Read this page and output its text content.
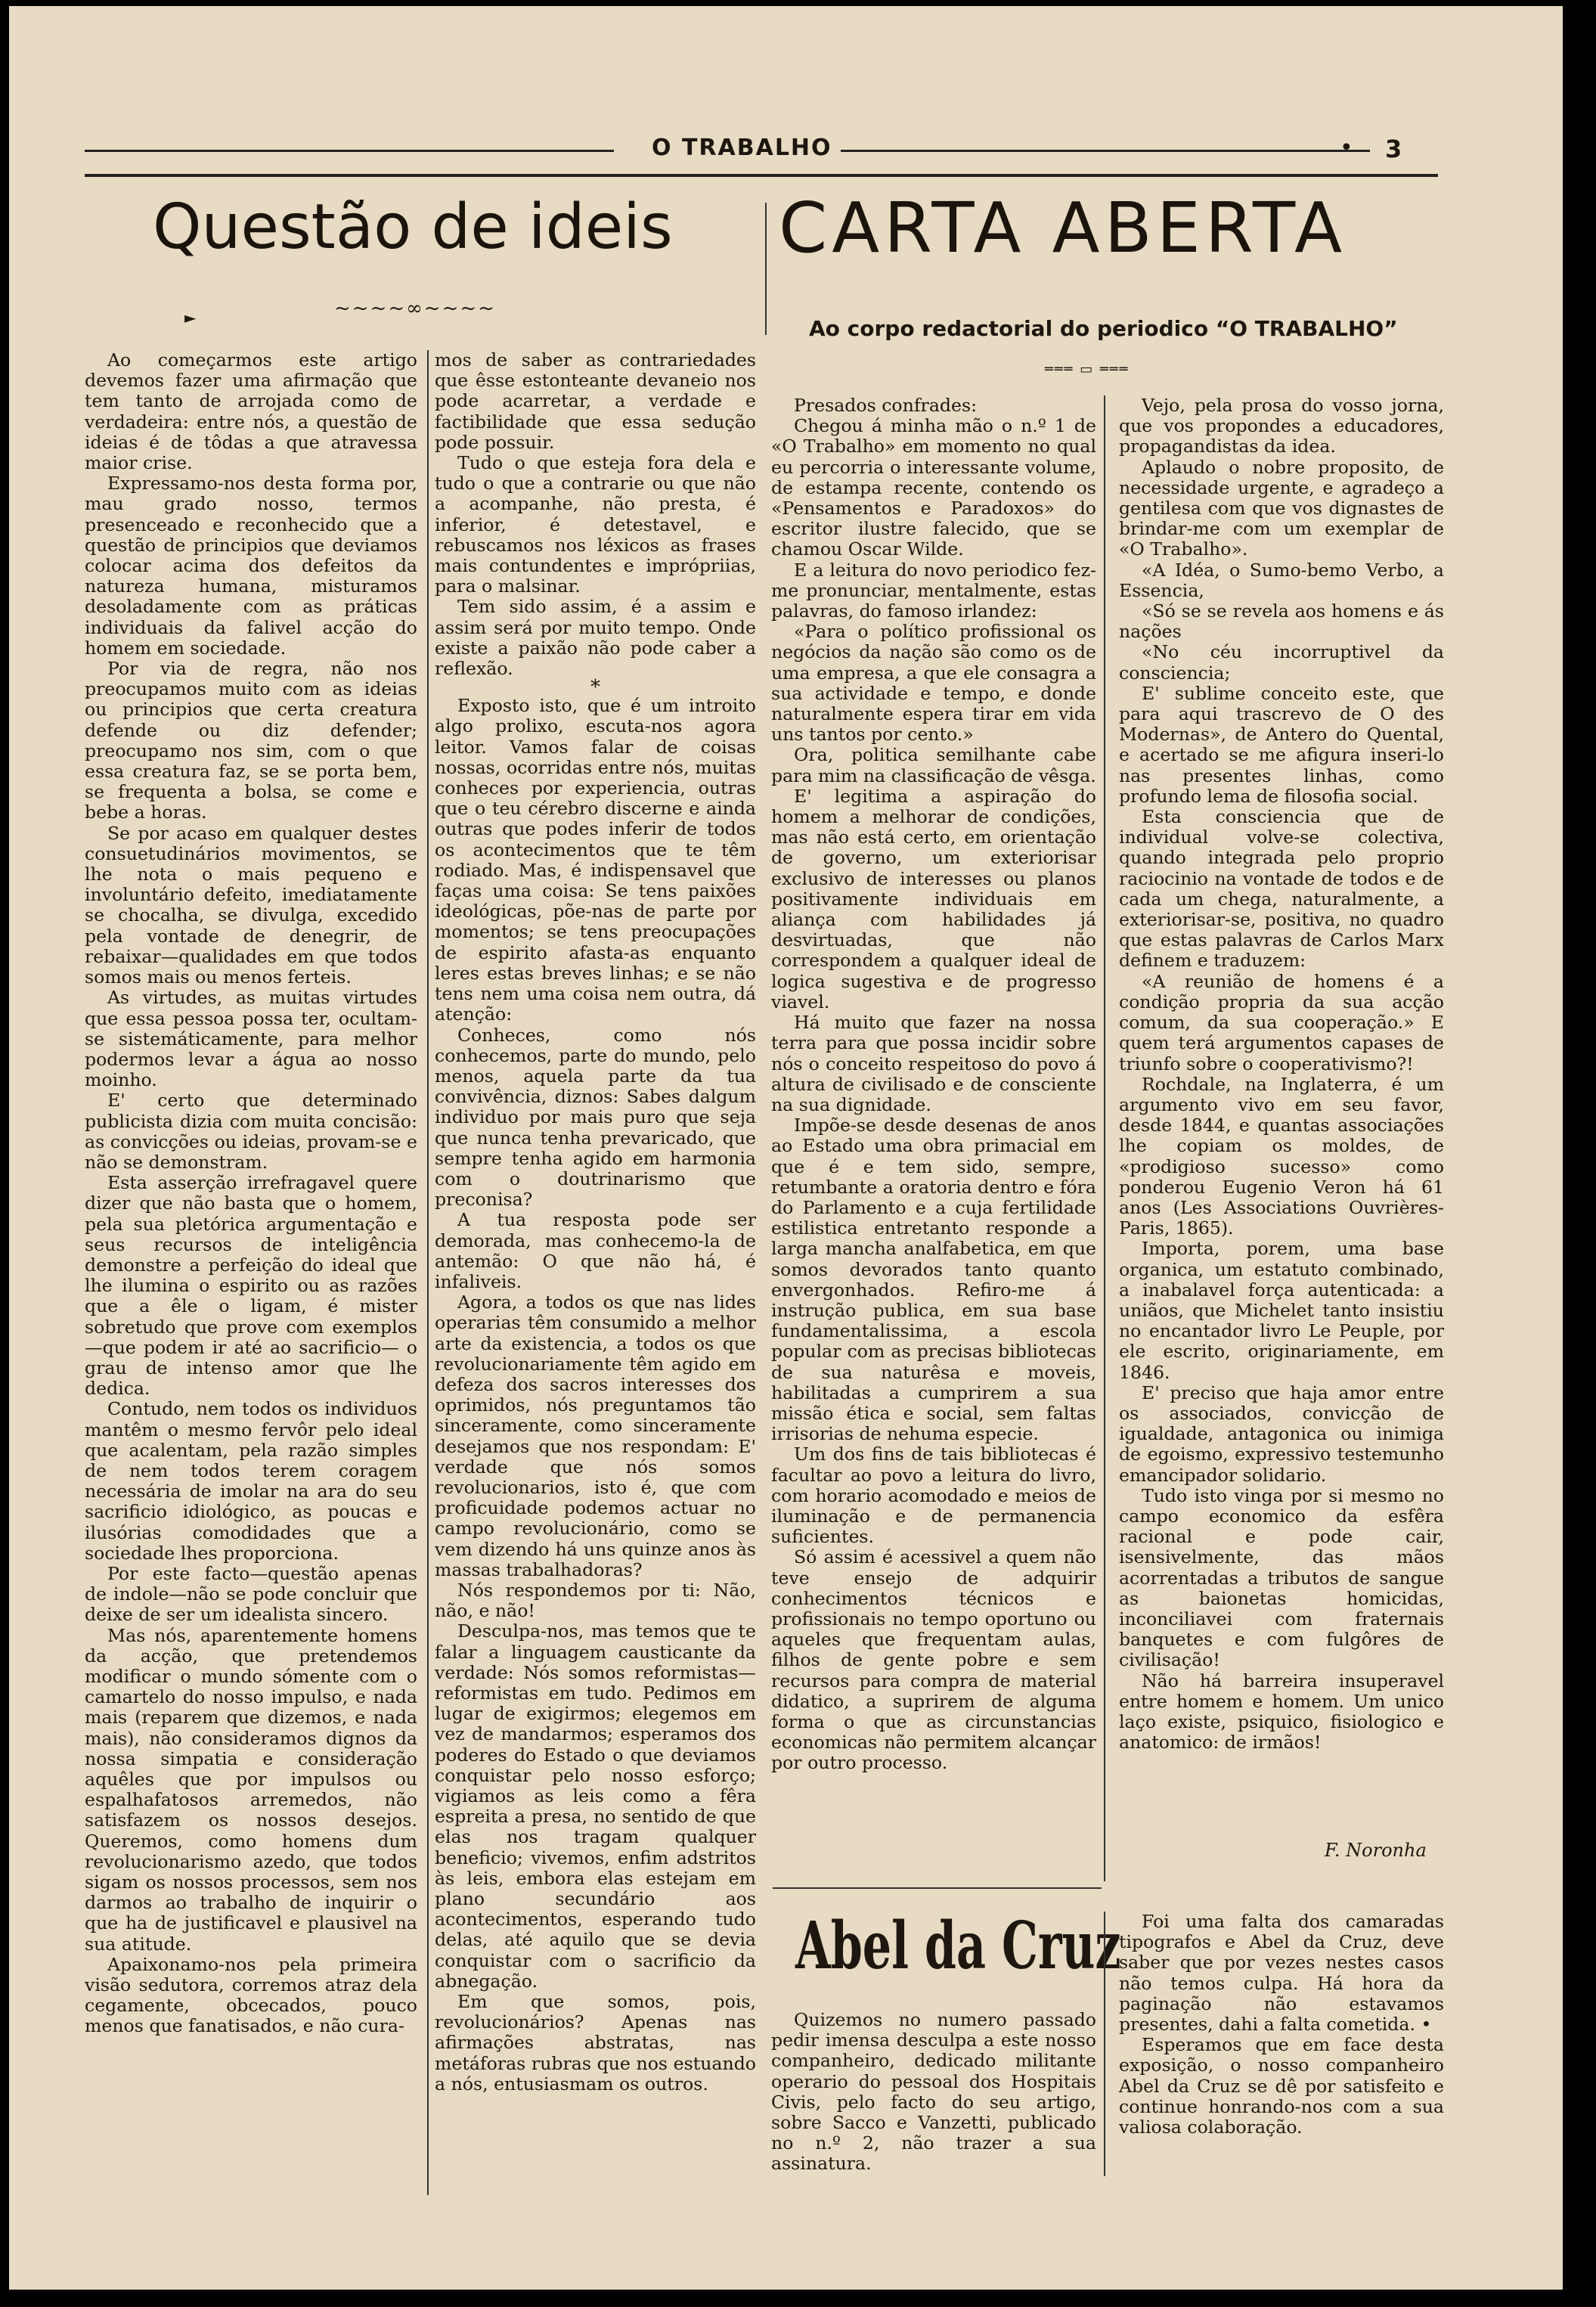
O TRABALHO	• 3
Questão de ideis
~~~~∞~~~~
►

Ao começarmos este artigo devemos fazer uma afirmação que tem tanto de arrojada como de verdadeira: entre nós, a questão de ideias é de tôdas a que atravessa maior crise.

Expressamo-nos desta forma por, mau grado nosso, termos presenceado e reconhecido que a questão de principios que deviamos colocar acima dos defeitos da natureza humana, misturamos desoladamente com as práticas individuais da falivel acção do homem em sociedade.

Por via de regra, não nos preocupamos muito com as ideias ou principios que certa creatura defende ou diz defender; preocupamo nos sim, com o que essa creatura faz, se se porta bem, se frequenta a bolsa, se come e bebe a horas.

Se por acaso em qualquer destes consuetudinários movimentos, se lhe nota o mais pequeno e involuntário defeito, imediatamente se chocalha, se divulga, excedido pela vontade de denegrir, de rebaixar—qualidades em que todos somos mais ou menos ferteis.

As virtudes, as muitas virtudes que essa pessoa possa ter, ocultam-se sistemáticamente, para melhor podermos levar a água ao nosso moinho.

E' certo que determinado publicista dizia com muita concisão: as convicções ou ideias, provam-se e não se demonstram.

Esta asserção irrefragavel quere dizer que não basta que o homem, pela sua pletórica argumentação e seus recursos de inteligência demonstre a perfeição do ideal que lhe ilumina o espirito ou as razões que a êle o ligam, é mister sobretudo que prove com exemplos —que podem ir até ao sacrificio— o grau de intenso amor que lhe dedica.

Contudo, nem todos os individuos mantêm o mesmo fervôr pelo ideal que acalentam, pela razão simples de nem todos terem coragem necessária de imolar na ara do seu sacrificio idiológico, as poucas e ilusórias comodidades que a sociedade lhes proporciona.

Por este facto—questão apenas de indole—não se pode concluir que deixe de ser um idealista sincero.

Mas nós, aparentemente homens da acção, que pretendemos modificar o mundo sómente com o camartelo do nosso impulso, e nada mais (reparem que dizemos, e nada mais), não consideramos dignos da nossa simpatia e consideração aquêles que por impulsos ou espalhafatosos arremedos, não satisfazem os nossos desejos. Queremos, como homens dum revolucionarismo azedo, que todos sigam os nossos processos, sem nos darmos ao trabalho de inquirir o que ha de justificavel e plausivel na sua atitude.

Apaixonamo-nos pela primeira visão sedutora, corremos atraz dela cegamente, obcecados, pouco menos que fanatisados, e não cura-

mos de saber as contrariedades que êsse estonteante devaneio nos pode acarretar, a verdade e factibilidade que essa sedução pode possuir.

Tudo o que esteja fora dela e tudo o que a contrarie ou que não a acompanhe, não presta, é inferior, é detestavel, e rebuscamos nos léxicos as frases mais contundentes e imprópriias, para o malsinar.

Tem sido assim, é a assim e assim será por muito tempo. Onde existe a paixão não pode caber a reflexão.

*

Exposto isto, que é um introito algo prolixo, escuta-nos agora leitor. Vamos falar de coisas nossas, ocorridas entre nós, muitas conheces por experiencia, outras que o teu cérebro discerne e ainda outras que podes inferir de todos os acontecimentos que te têm rodiado. Mas, é indispensavel que faças uma coisa: Se tens paixões ideológicas, põe-nas de parte por momentos; se tens preocupações de espirito afasta-as enquanto leres estas breves linhas; e se não tens nem uma coisa nem outra, dá atenção:

Conheces, como nós conhecemos, parte do mundo, pelo menos, aquela parte da tua convivência, diznos: Sabes dalgum individuo por mais puro que seja que nunca tenha prevaricado, que sempre tenha agido em harmonia com o doutrinarismo que preconisa?

A tua resposta pode ser demorada, mas conhecemo-la de antemão: O que não há, é infaliveis.

Agora, a todos os que nas lides operarias têm consumido a melhor arte da existencia, a todos os que revolucionariamente têm agido em defeza dos sacros interesses dos oprimidos, nós preguntamos tão sinceramente, como sinceramente desejamos que nos respondam: E' verdade que nós somos revolucionarios, isto é, que com proficuidade podemos actuar no campo revolucionário, como se vem dizendo há uns quinze anos às massas trabalhadoras?

Nós respondemos por ti: Não, não, e não!

Desculpa-nos, mas temos que te falar a linguagem causticante da verdade: Nós somos reformistas—reformistas em tudo. Pedimos em lugar de exigirmos; elegemos em vez de mandarmos; esperamos dos poderes do Estado o que deviamos conquistar pelo nosso esforço; vigiamos as leis como a fêra espreita a presa, no sentido de que elas nos tragam qualquer beneficio; vivemos, enfim adstritos às leis, embora elas estejam em plano secundário aos acontecimentos, esperando tudo delas, até aquilo que se devia conquistar com o sacrificio da abnegação.

Em que somos, pois, revolucionários? Apenas nas afirmações abstratas, nas metáforas rubras que nos estuando a nós, entusiasmam os outros.

CARTA ABERTA
Ao corpo redactorial do periodico “O TRABALHO”
═══ ▭ ═══

Presados confrades:

Chegou á minha mão o n.º 1 de «O Trabalho» em momento no qual eu percorria o interessante volume, de estampa recente, contendo os «Pensamentos e Paradoxos» do escritor ilustre falecido, que se chamou Oscar Wilde.

E a leitura do novo periodico fez-me pronunciar, mentalmente, estas palavras, do famoso irlandez:

«Para o político profissional os negócios da nação são como os de uma empresa, a que ele consagra a sua actividade e tempo, e donde naturalmente espera tirar em vida uns tantos por cento.»

Ora, politica semilhante cabe para mim na classificação de vêsga.

E' legitima a aspiração do homem a melhorar de condições, mas não está certo, em orientação de governo, um exteriorisar exclusivo de interesses ou planos positivamente individuais em aliança com habilidades já desvirtuadas, que não correspondem a qualquer ideal de logica sugestiva e de progresso viavel.

Há muito que fazer na nossa terra para que possa incidir sobre nós o conceito respeitoso do povo á altura de civilisado e de consciente na sua dignidade.

Impõe-se desde desenas de anos ao Estado uma obra primacial em que é e tem sido, sempre, retumbante a oratoria dentro e fóra do Parlamento e a cuja fertilidade estilistica entretanto responde a larga mancha analfabetica, em que somos devorados tanto quanto envergonhados. Refiro-me á instrução publica, em sua base fundamentalissima, a escola popular com as precisas bibliotecas de sua naturêsa e moveis, habilitadas a cumprirem a sua missão ética e social, sem faltas irrisorias de nehuma especie.

Um dos fins de tais bibliotecas é facultar ao povo a leitura do livro, com horario acomodado e meios de iluminação e de permanencia suficientes.

Só assim é acessivel a quem não teve ensejo de adquirir conhecimentos técnicos e profissionais no tempo oportuno ou aqueles que frequentam aulas, filhos de gente pobre e sem recursos para compra de material didatico, a suprirem de alguma forma o que as circunstancias economicas não permitem alcançar por outro processo.

Vejo, pela prosa do vosso jorna, que vos propondes a educadores, propagandistas da idea.

Aplaudo o nobre proposito, de necessidade urgente, e agradeço a gentilesa com que vos dignastes de brindar-me com um exemplar de «O Trabalho».

«A Idéa, o Sumo-bemo Verbo, a Essencia,

«Só se se revela aos homens e ás nações

«No céu incorruptivel da consciencia;

E' sublime conceito este, que para aqui trascrevo de O des Modernas», de Antero do Quental, e acertado se me afigura inseri-lo nas presentes linhas, como profundo lema de filosofia social.

Esta consciencia que de individual volve-se colectiva, quando integrada pelo proprio raciocinio na vontade de todos e de cada um chega, naturalmente, a exteriorisar-se, positiva, no quadro que estas palavras de Carlos Marx definem e traduzem:

«A reunião de homens é a condição propria da sua acção comum, da sua cooperação.» E quem terá argumentos capases de triunfo sobre o cooperativismo?!

Rochdale, na Inglaterra, é um argumento vivo em seu favor, desde 1844, e quantas associações lhe copiam os moldes, de «prodigioso sucesso» como ponderou Eugenio Veron há 61 anos (Les Associations Ouvrières-Paris, 1865).

Importa, porem, uma base organica, um estatuto combinado, a inabalavel força autenticada: a uniãos, que Michelet tanto insistiu no encantador livro Le Peuple, por ele escrito, originariamente, em 1846.

E' preciso que haja amor entre os associados, convicção de igualdade, antagonica ou inimiga de egoismo, expressivo testemunho emancipador solidario.

Tudo isto vinga por si mesmo no campo economico da esfêra racional e pode cair, isensivelmente, das mãos acorrentadas a tributos de sangue as baionetas homicidas, inconciliavei com fraternais banquetes e com fulgôres de civilisação!

Não há barreira insuperavel entre homem e homem. Um unico laço existe, psiquico, fisiologico e anatomico: de irmãos!

F. Noronha
Abel da Cruz

Quizemos no numero passado pedir imensa desculpa a este nosso companheiro, dedicado militante operario do pessoal dos Hospitais Civis, pelo facto do seu artigo, sobre Sacco e Vanzetti, publicado no n.º 2, não trazer a sua assinatura.

Foi uma falta dos camaradas tipografos e Abel da Cruz, deve saber que por vezes nestes casos não temos culpa. Há hora da paginação não estavamos presentes, dahi a falta cometida. •

Esperamos que em face desta exposição, o nosso companheiro Abel da Cruz se dê por satisfeito e continue honrando-nos com a sua valiosa colaboração.
